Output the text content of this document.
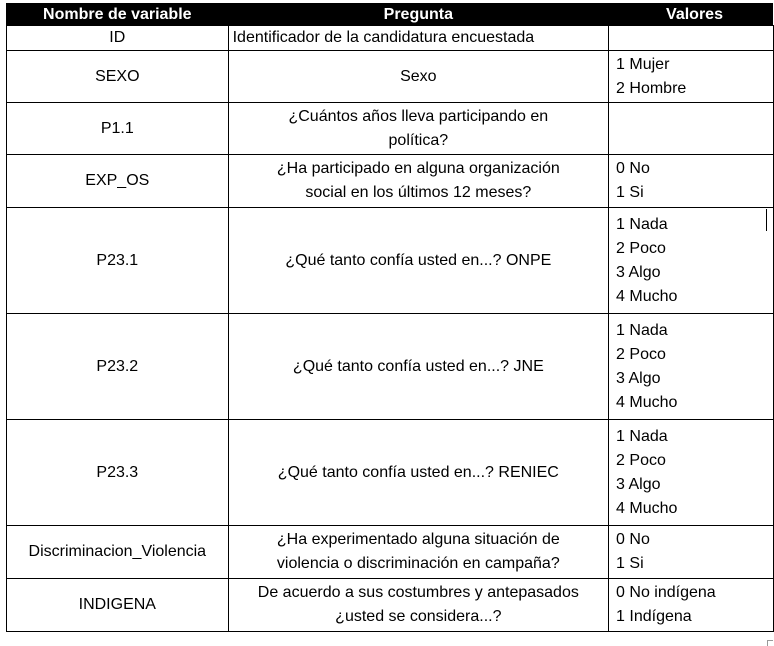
Nombre de variable	Pregunta	Valores
ID	Identificador de la candidatura encuestada	

SEXO	Sexo	1 Mujer
2 Hombre

P1.1	¿Cuántos años lleva participando en
política?	

EXP_OS	¿Ha participado en alguna organización
social en los últimos 12 meses?	0 No
1 Si

P23.1	¿Qué tanto confía usted en...? ONPE	1 Nada
2 Poco
3 Algo
4 Mucho

P23.2	¿Qué tanto confía usted en...? JNE	1 Nada
2 Poco
3 Algo
4 Mucho

P23.3	¿Qué tanto confía usted en...? RENIEC	1 Nada
2 Poco
3 Algo
4 Mucho

Discriminacion_Violencia	¿Ha experimentado alguna situación de
violencia o discriminación en campaña?	0 No
1 Si

INDIGENA	De acuerdo a sus costumbres y antepasados
¿usted se considera...?	0 No indígena
1 Indígena
